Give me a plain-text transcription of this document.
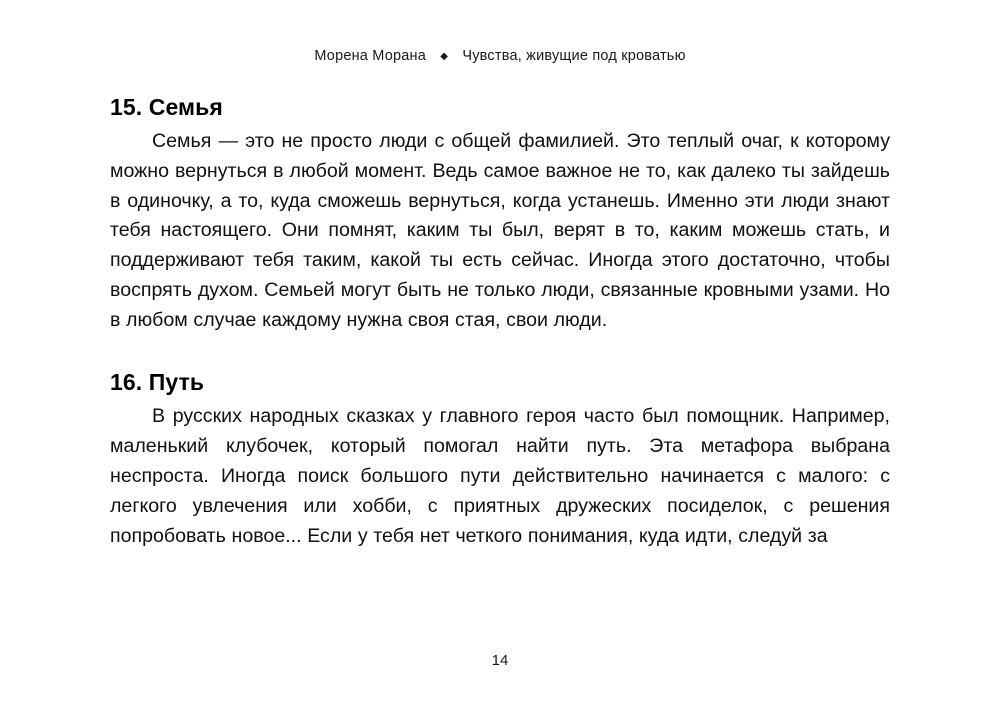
Морена Морана ◆ Чувства, живущие под кроватью
15. Семья

Семья — это не просто люди с общей фамилией. Это теплый очаг, к которому можно вернуться в любой момент. Ведь самое важное не то, как далеко ты зайдешь в одиночку, а то, куда сможешь вернуться, когда устанешь. Именно эти люди знают тебя настоящего. Они помнят, каким ты был, верят в то, каким можешь стать, и поддерживают тебя таким, какой ты есть сейчас. Иногда этого достаточно, чтобы воспрять духом. Семьей могут быть не только люди, связанные кровными узами. Но в любом случае каждому нужна своя стая, свои люди.

16. Путь

В русских народных сказках у главного героя часто был помощник. Например, маленький клубочек, который помогал найти путь. Эта метафора выбрана неспроста. Иногда поиск большого пути действительно начинается с малого: с легкого увлечения или хобби, с приятных дружеских посиделок, с решения попробовать новое... Если у тебя нет четкого понимания, куда идти, следуй за

14
